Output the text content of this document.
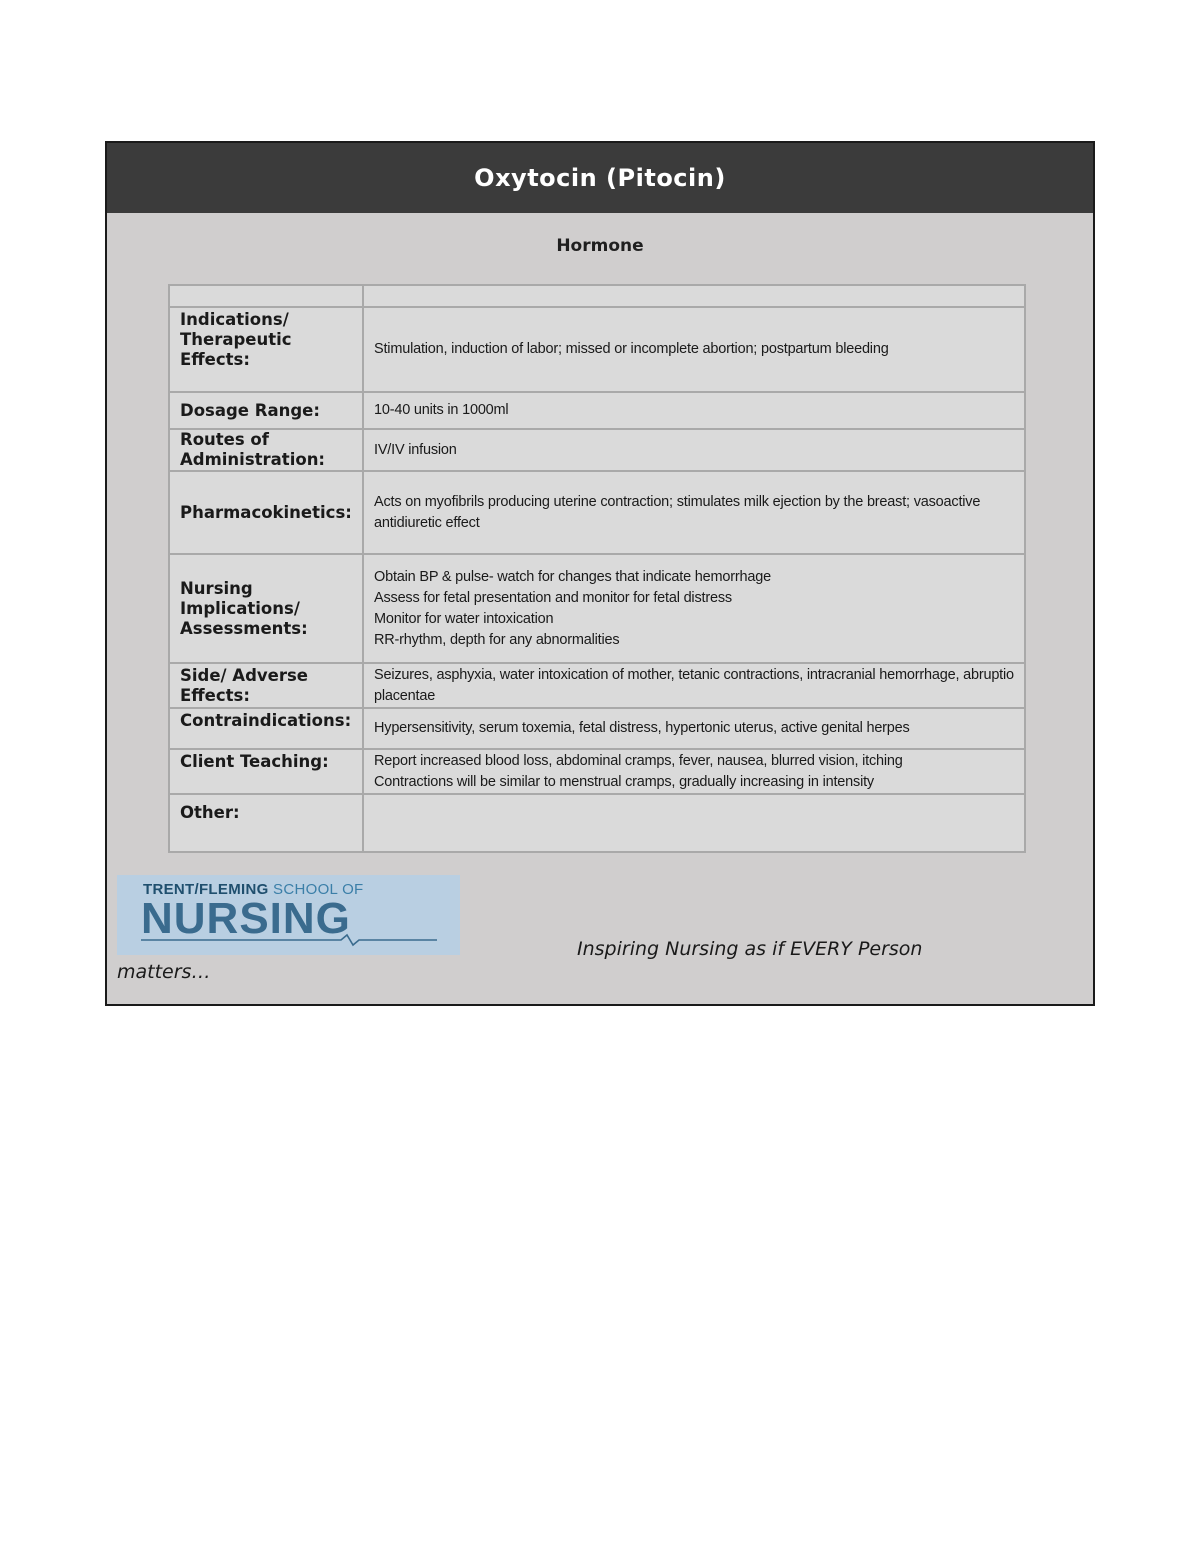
Oxytocin (Pitocin)
Hormone

Indications/ Therapeutic Effects:	Stimulation, induction of labor; missed or incomplete abortion; postpartum bleeding

Dosage Range:	10-40 units in 1000ml

Routes of Administration:	IV/IV infusion

Pharmacokinetics:	Acts on myofibrils producing uterine contraction; stimulates milk ejection by the breast; vasoactive antidiuretic effect

Nursing Implications/ Assessments:	Obtain BP & pulse- watch for changes that indicate hemorrhage
Assess for fetal presentation and monitor for fetal distress
Monitor for water intoxication
RR-rhythm, depth for any abnormalities

Side/ Adverse Effects:	Seizures, asphyxia, water intoxication of mother, tetanic contractions, intracranial hemorrhage, abruptio placentae

Contraindications:	Hypersensitivity, serum toxemia, fetal distress, hypertonic uterus, active genital herpes

Client Teaching:	Report increased blood loss, abdominal cramps, fever, nausea, blurred vision, itching
Contractions will be similar to menstrual cramps, gradually increasing in intensity

Other:	
TRENT/FLEMING SCHOOL OF
NURSING
Inspiring Nursing as if EVERY Person
matters…
